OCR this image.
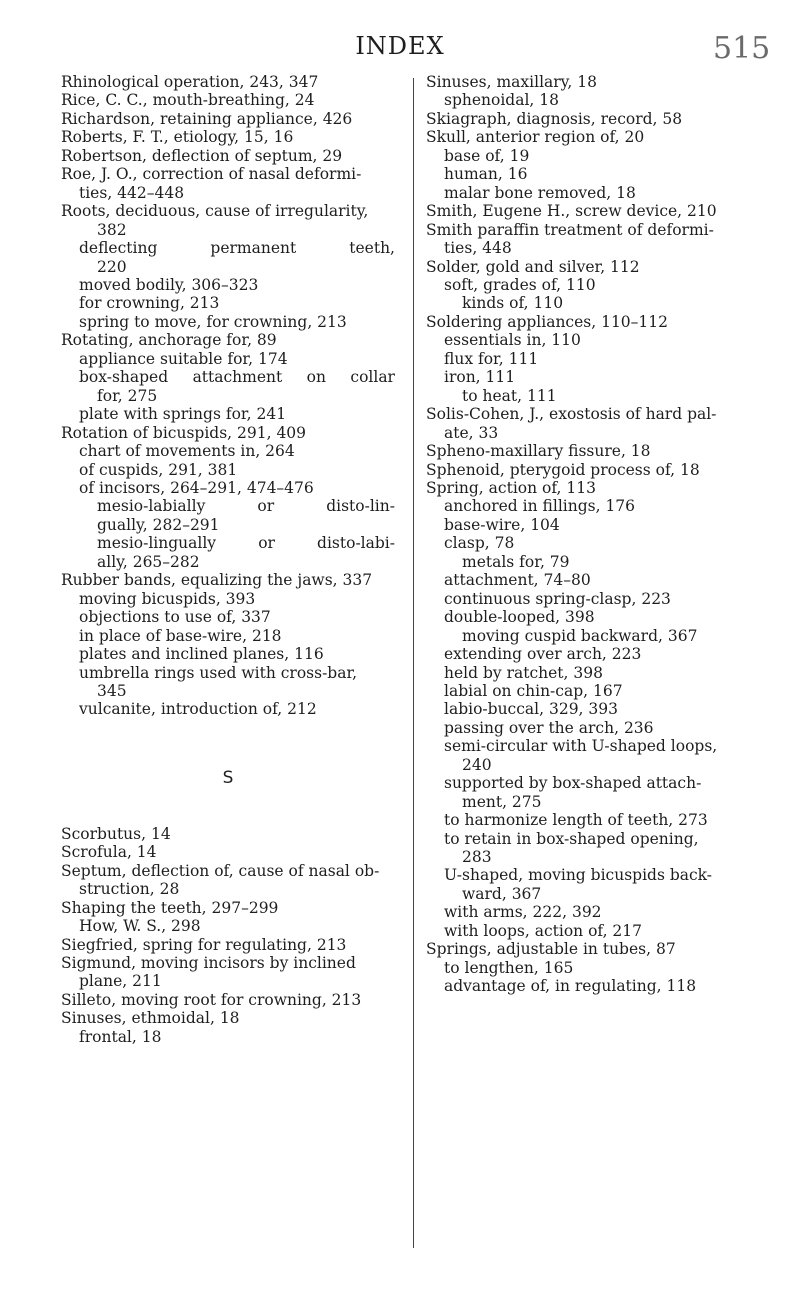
INDEX	515
Rhinological operation, 243, 347
Rice, C. C., mouth-breathing, 24
Richardson, retaining appliance, 426
Roberts, F. T., etiology, 15, 16
Robertson, deflection of septum, 29
Roe, J. O., correction of nasal deformi-
ties, 442–448
Roots, deciduous, cause of irregularity,
382
deflecting	permanent	teeth,
220
moved bodily, 306–323
for crowning, 213
spring to move, for crowning, 213
Rotating, anchorage for, 89
appliance suitable for, 174
box-shaped attachment on collar
for, 275
plate with springs for, 241
Rotation of bicuspids, 291, 409
chart of movements in, 264
of cuspids, 291, 381
of incisors, 264–291, 474–476
mesio-labially	or	disto-lin-
gually, 282–291
mesio-lingually	or	disto-labi-
ally, 265–282
Rubber bands, equalizing the jaws, 337
moving bicuspids, 393
objections to use of, 337
in place of base-wire, 218
plates and inclined planes, 116
umbrella rings used with cross-bar,
345
vulcanite, introduction of, 212
S
Scorbutus, 14
Scrofula, 14
Septum, deflection of, cause of nasal ob-
struction, 28
Shaping the teeth, 297–299
How, W. S., 298
Siegfried, spring for regulating, 213
Sigmund, moving incisors by inclined
plane, 211
Silleto, moving root for crowning, 213
Sinuses, ethmoidal, 18
frontal, 18
Sinuses, maxillary, 18
sphenoidal, 18
Skiagraph, diagnosis, record, 58
Skull, anterior region of, 20
base of, 19
human, 16
malar bone removed, 18
Smith, Eugene H., screw device, 210
Smith paraffin treatment of deformi-
ties, 448
Solder, gold and silver, 112
soft, grades of, 110
kinds of, 110
Soldering appliances, 110–112
essentials in, 110
flux for, 111
iron, 111
to heat, 111
Solis-Cohen, J., exostosis of hard pal-
ate, 33
Spheno-maxillary fissure, 18
Sphenoid, pterygoid process of, 18
Spring, action of, 113
anchored in fillings, 176
base-wire, 104
clasp, 78
metals for, 79
attachment, 74–80
continuous spring-clasp, 223
double-looped, 398
moving cuspid backward, 367
extending over arch, 223
held by ratchet, 398
labial on chin-cap, 167
labio-buccal, 329, 393
passing over the arch, 236
semi-circular with U-shaped loops,
240
supported by box-shaped attach-
ment, 275
to harmonize length of teeth, 273
to retain in box-shaped opening,
283
U-shaped, moving bicuspids back-
ward, 367
with arms, 222, 392
with loops, action of, 217
Springs, adjustable in tubes, 87
to lengthen, 165
advantage of, in regulating, 118
